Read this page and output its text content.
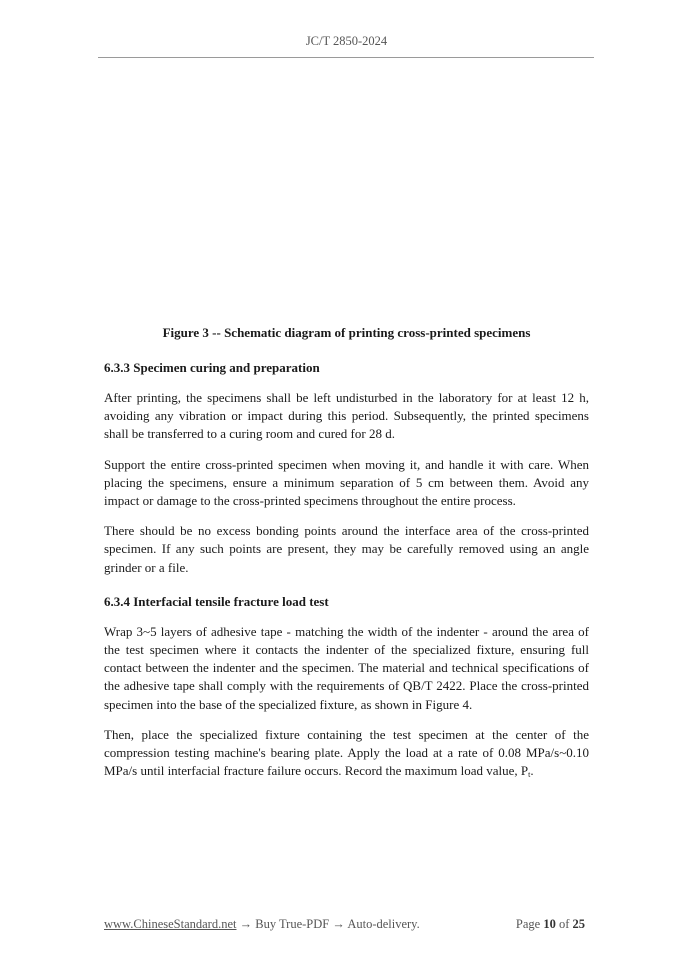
JC/T 2850-2024

Figure 3 -- Schematic diagram of printing cross-printed specimens

6.3.3 Specimen curing and preparation

After printing, the specimens shall be left undisturbed in the laboratory for at least 12 h, avoiding any vibration or impact during this period. Subsequently, the printed specimens shall be transferred to a curing room and cured for 28 d.

Support the entire cross-printed specimen when moving it, and handle it with care. When placing the specimens, ensure a minimum separation of 5 cm between them. Avoid any impact or damage to the cross-printed specimens throughout the entire process.

There should be no excess bonding points around the interface area of the cross-printed specimen. If any such points are present, they may be carefully removed using an angle grinder or a file.

6.3.4 Interfacial tensile fracture load test

Wrap 3~5 layers of adhesive tape - matching the width of the indenter - around the area of the test specimen where it contacts the indenter of the specialized fixture, ensuring full contact between the indenter and the specimen. The material and technical specifications of the adhesive tape shall comply with the requirements of QB/T 2422. Place the cross-printed specimen into the base of the specialized fixture, as shown in Figure 4.

Then, place the specialized fixture containing the test specimen at the center of the compression testing machine's bearing plate. Apply the load at a rate of 0.08 MPa/s~0.10 MPa/s until interfacial fracture failure occurs. Record the maximum load value, $P_t$.

www.ChineseStandard.net → Buy True-PDF → Auto-delivery.	Page 10 of 25
